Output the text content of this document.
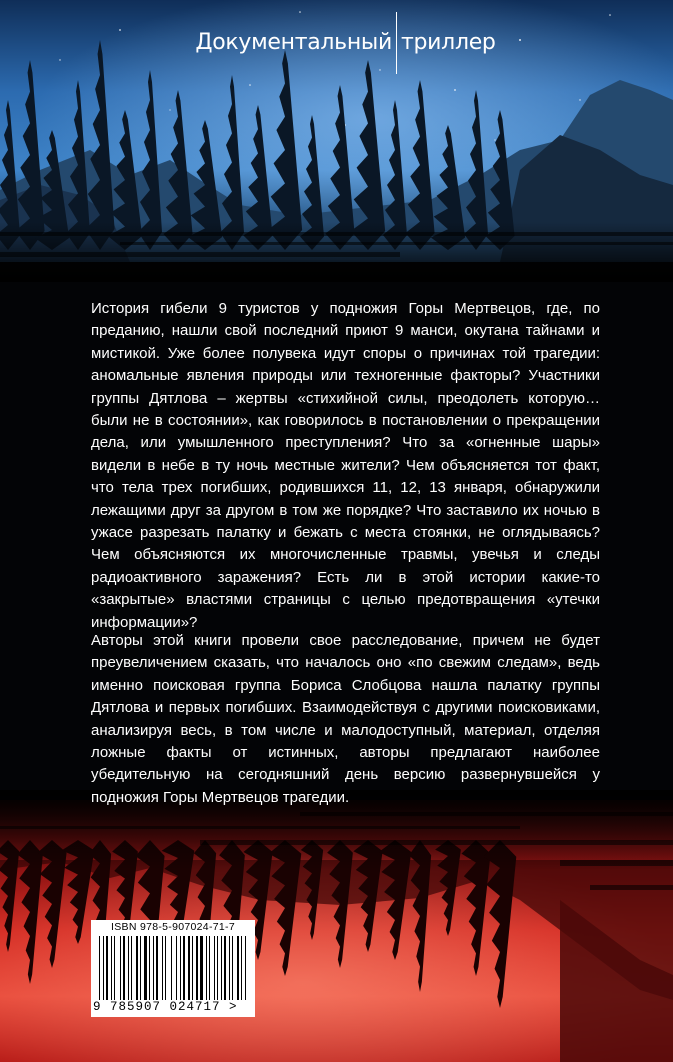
Документальный триллер
История гибели 9 туристов у подножия Горы Мертвецов, где, по преданию, нашли свой последний приют 9 манси, окутана тайнами и мистикой. Уже более полувека идут споры о причинах той трагедии: аномальные явления природы или техногенные факторы? Участники группы Дятлова – жертвы «стихийной силы, преодолеть которую… были не в состоянии», как говорилось в постановлении о прекращении дела, или умышленного преступления? Что за «огненные шары» видели в небе в ту ночь местные жители? Чем объясняется тот факт, что тела трех погибших, родившихся 11, 12, 13 января, обнаружили лежащими друг за другом в том же порядке? Что заставило их ночью в ужасе разрезать палатку и бежать с места стоянки, не оглядываясь? Чем объясняются их многочисленные травмы, увечья и следы радиоактивного заражения? Есть ли в этой истории какие-то «закрытые» властями страницы с целью предотвращения «утечки информации»?
Авторы этой книги провели свое расследование, причем не будет преувеличением сказать, что началось оно «по свежим следам», ведь именно поисковая группа Бориса Слобцова нашла палатку группы Дятлова и первых погибших. Взаимодействуя с другими поисковиками, анализируя весь, в том числе и малодоступный, материал, отделяя ложные факты от истинных, авторы предлагают наиболее убедительную на сегодняшний день версию развернувшейся у подножия Горы Мертвецов трагедии.
ISBN 978-5-907024-71-7
9 785907 024717 >
